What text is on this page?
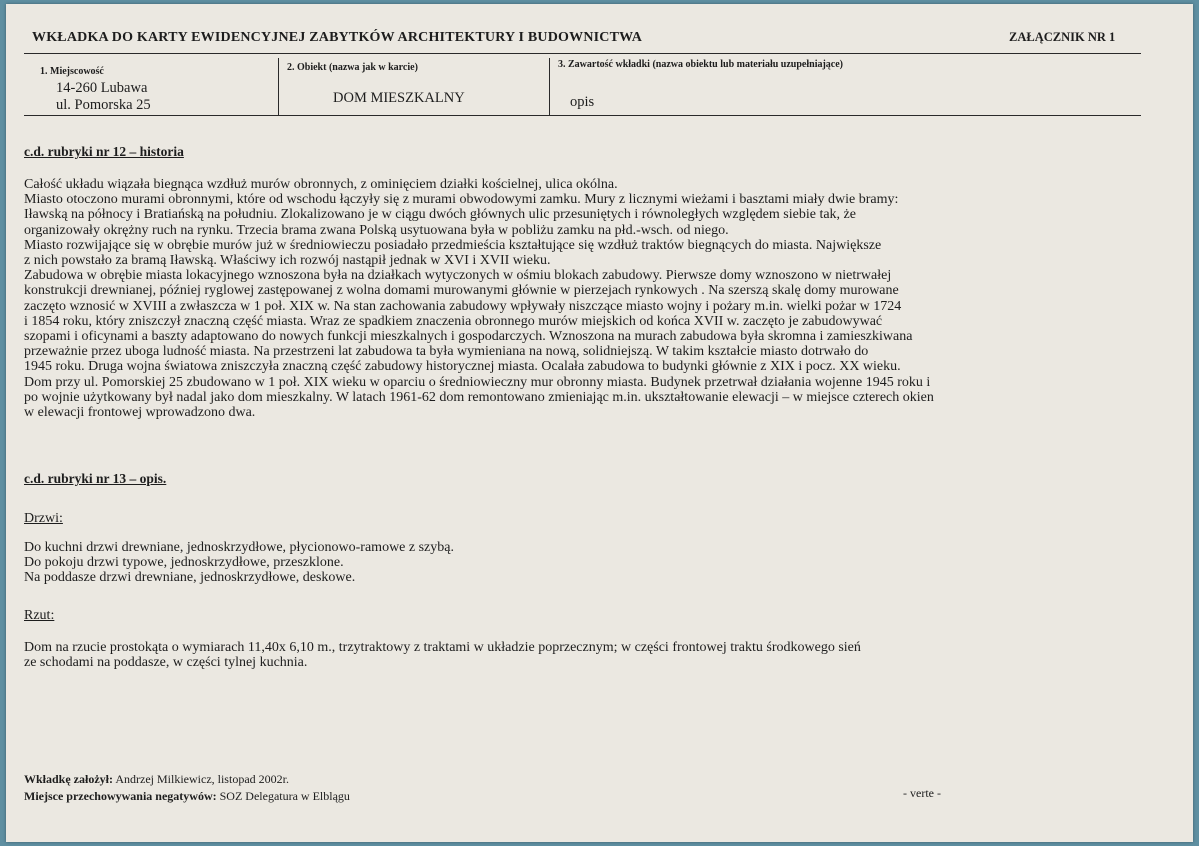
WKŁADKA DO KARTY EWIDENCYJNEJ ZABYTKÓW ARCHITEKTURY I BUDOWNICTWA	ZAŁĄCZNIK NR 1
1. Miejscowość
14-260 Lubawa
ul. Pomorska 25
2. Obiekt (nazwa jak w karcie)
DOM MIESZKALNY
3. Zawartość wkładki (nazwa obiektu lub materiału uzupełniające)
opis
c.d. rubryki nr 12 – historia
Całość układu wiązała biegnąca wzdłuż murów obronnych, z ominięciem działki kościelnej, ulica okólna.
Miasto otoczono murami obronnymi, które od wschodu łączyły się z murami obwodowymi zamku. Mury z licznymi wieżami i basztami miały dwie bramy:
Iławską na północy i Bratiańską na południu. Zlokalizowano je w ciągu dwóch głównych ulic przesuniętych i równoległych względem siebie tak, że
organizowały okrężny ruch na rynku. Trzecia brama zwana Polską usytuowana była w pobliżu zamku na płd.-wsch. od niego.
Miasto rozwijające się w obrębie murów już w średniowieczu posiadało przedmieścia kształtujące się wzdłuż traktów biegnących do miasta. Największe
z nich powstało za bramą Iławską. Właściwy ich rozwój nastąpił jednak w XVI i XVII wieku.
Zabudowa w obrębie miasta lokacyjnego wznoszona była na działkach wytyczonych w ośmiu blokach zabudowy. Pierwsze domy wznoszono w nietrwałej
konstrukcji drewnianej, później ryglowej zastępowanej z wolna domami murowanymi głównie w pierzejach rynkowych . Na szerszą skalę domy murowane
zaczęto wznosić w XVIII a zwłaszcza w 1 poł. XIX w. Na stan zachowania zabudowy wpływały niszczące miasto wojny i pożary m.in. wielki pożar w 1724
i 1854 roku, który zniszczył znaczną część miasta. Wraz ze spadkiem znaczenia obronnego murów miejskich od końca XVII w. zaczęto je zabudowywać
szopami i oficynami a baszty adaptowano do nowych funkcji mieszkalnych i gospodarczych. Wznoszona na murach zabudowa była skromna i zamieszkiwana
przeważnie przez uboga ludność miasta. Na przestrzeni lat zabudowa ta była wymieniana na nową, solidniejszą. W takim kształcie miasto dotrwało do
1945 roku. Druga wojna światowa zniszczyła znaczną część zabudowy historycznej miasta. Ocalała zabudowa to budynki głównie z XIX i pocz. XX wieku.
Dom przy ul. Pomorskiej 25 zbudowano w 1 poł. XIX wieku w oparciu o średniowieczny mur obronny miasta. Budynek przetrwał działania wojenne 1945 roku i
po wojnie użytkowany był nadal jako dom mieszkalny. W latach 1961-62 dom remontowano zmieniając m.in. ukształtowanie elewacji – w miejsce czterech okien
w elewacji frontowej wprowadzono dwa.
c.d. rubryki nr 13 – opis.
Drzwi:
Do kuchni drzwi drewniane, jednoskrzydłowe, płycionowo-ramowe z szybą.
Do pokoju drzwi typowe, jednoskrzydłowe, przeszklone.
Na poddasze drzwi drewniane, jednoskrzydłowe, deskowe.
Rzut:
Dom na rzucie prostokąta o wymiarach 11,40x 6,10 m., trzytraktowy z traktami w układzie poprzecznym; w części frontowej traktu środkowego sień
ze schodami na poddasze, w części tylnej kuchnia.
Wkładkę założył: Andrzej Milkiewicz, listopad 2002r.
Miejsce przechowywania negatywów: SOZ Delegatura w Elblągu	- verte -
